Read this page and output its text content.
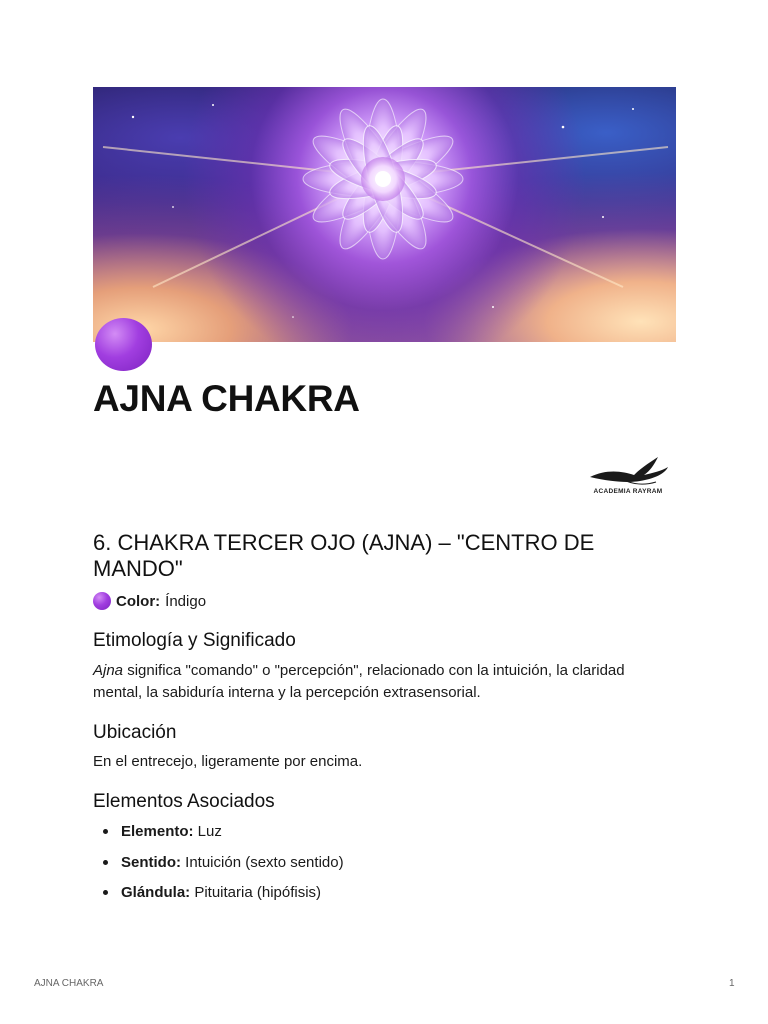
AJNA CHAKRA
ACADEMIA RAYRAM
6. CHAKRA TERCER OJO (AJNA) – "CENTRO DE MANDO"
Color: Índigo
Etimología y Significado

Ajna significa "comando" o "percepción", relacionado con la intuición, la claridad mental, la sabiduría interna y la percepción extrasensorial.

Ubicación

En el entrecejo, ligeramente por encima.

Elementos Asociados
Elemento: Luz
Sentido: Intuición (sexto sentido)
Glándula: Pituitaria (hipófisis)
AJNA CHAKRA	1
